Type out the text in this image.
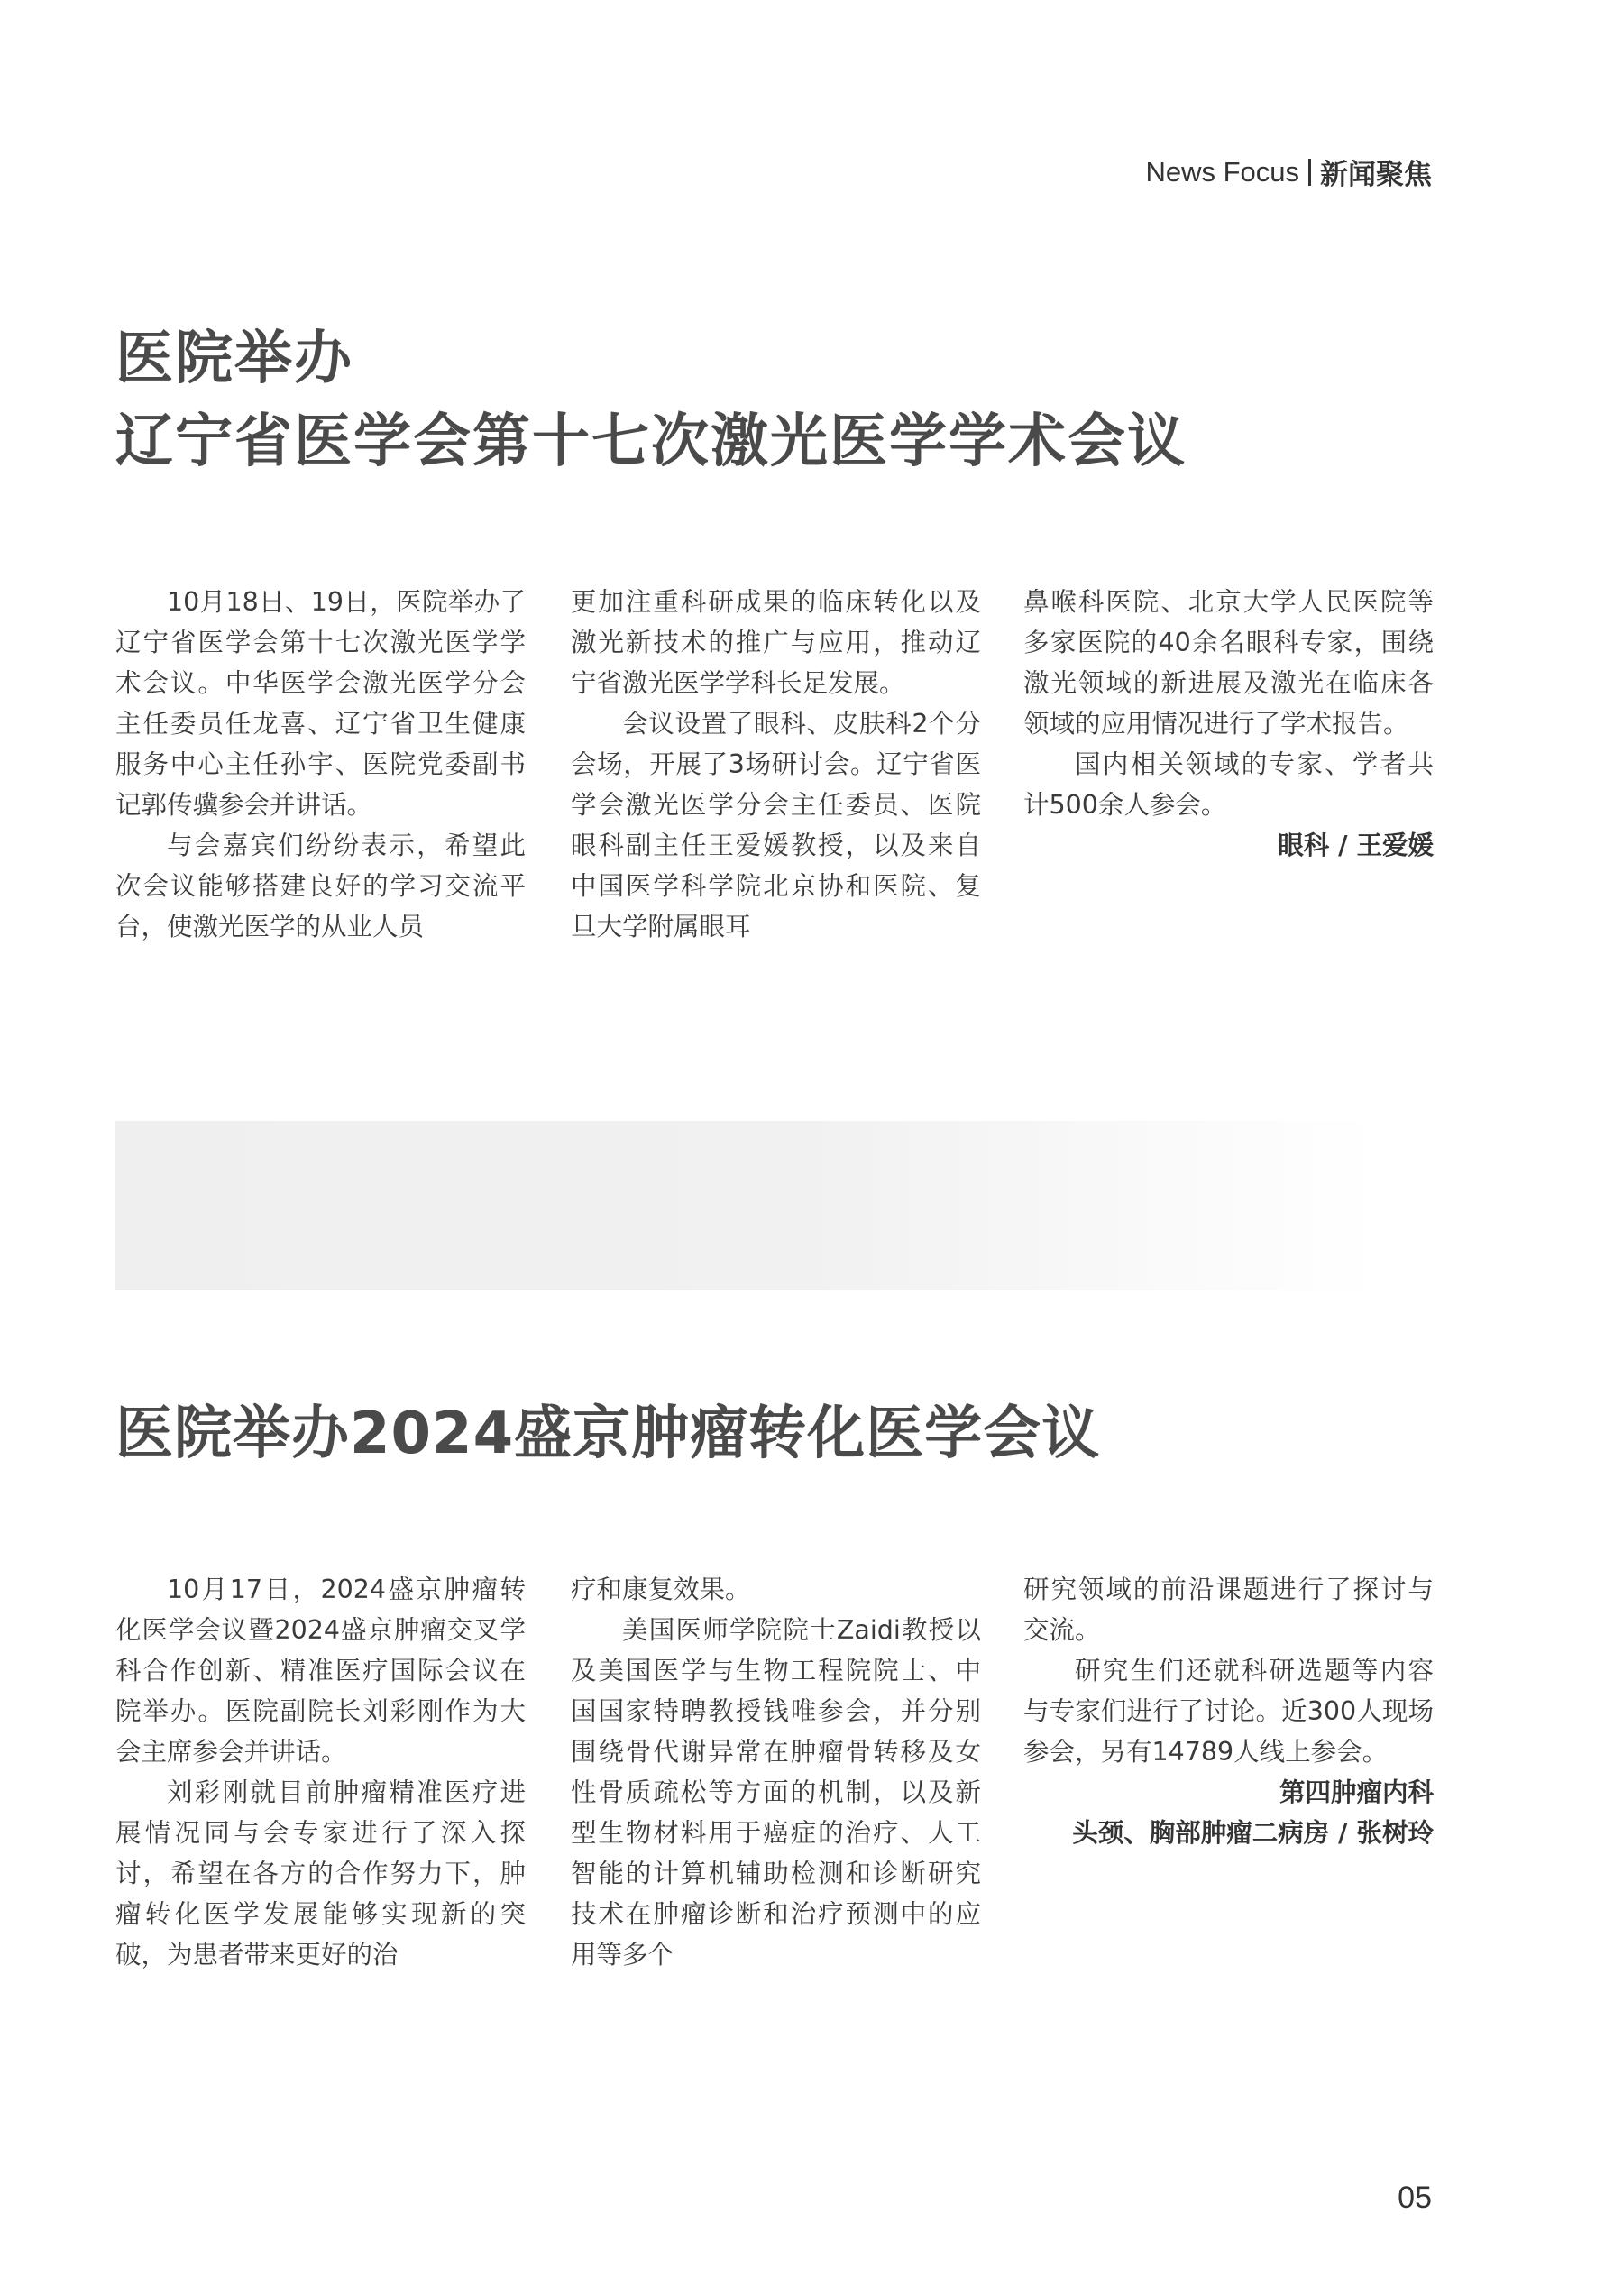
News Focus 新闻聚焦
医院举办
辽宁省医学会第十七次激光医学学术会议

10月18日、19日，医院举办了辽宁省医学会第十七次激光医学学术会议。中华医学会激光医学分会主任委员任龙喜、辽宁省卫生健康服务中心主任孙宇、医院党委副书记郭传骥参会并讲话。

与会嘉宾们纷纷表示，希望此次会议能够搭建良好的学习交流平台，使激光医学的从业人员

更加注重科研成果的临床转化以及激光新技术的推广与应用，推动辽宁省激光医学学科长足发展。

会议设置了眼科、皮肤科2个分会场，开展了3场研讨会。辽宁省医学会激光医学分会主任委员、医院眼科副主任王爱媛教授，以及来自中国医学科学院北京协和医院、复旦大学附属眼耳

鼻喉科医院、北京大学人民医院等多家医院的40余名眼科专家，围绕激光领域的新进展及激光在临床各领域的应用情况进行了学术报告。

国内相关领域的专家、学者共计500余人参会。

眼科 / 王爱媛

医院举办2024盛京肿瘤转化医学会议

10月17日，2024盛京肿瘤转化医学会议暨2024盛京肿瘤交叉学科合作创新、精准医疗国际会议在院举办。医院副院长刘彩刚作为大会主席参会并讲话。

刘彩刚就目前肿瘤精准医疗进展情况同与会专家进行了深入探讨，希望在各方的合作努力下，肿瘤转化医学发展能够实现新的突破，为患者带来更好的治

疗和康复效果。

美国医师学院院士Zaidi教授以及美国医学与生物工程院院士、中国国家特聘教授钱唯参会，并分别围绕骨代谢异常在肿瘤骨转移及女性骨质疏松等方面的机制，以及新型生物材料用于癌症的治疗、人工智能的计算机辅助检测和诊断研究技术在肿瘤诊断和治疗预测中的应用等多个

研究领域的前沿课题进行了探讨与交流。

研究生们还就科研选题等内容与专家们进行了讨论。近300人现场参会，另有14789人线上参会。

第四肿瘤内科

头颈、胸部肿瘤二病房 / 张树玲

05
